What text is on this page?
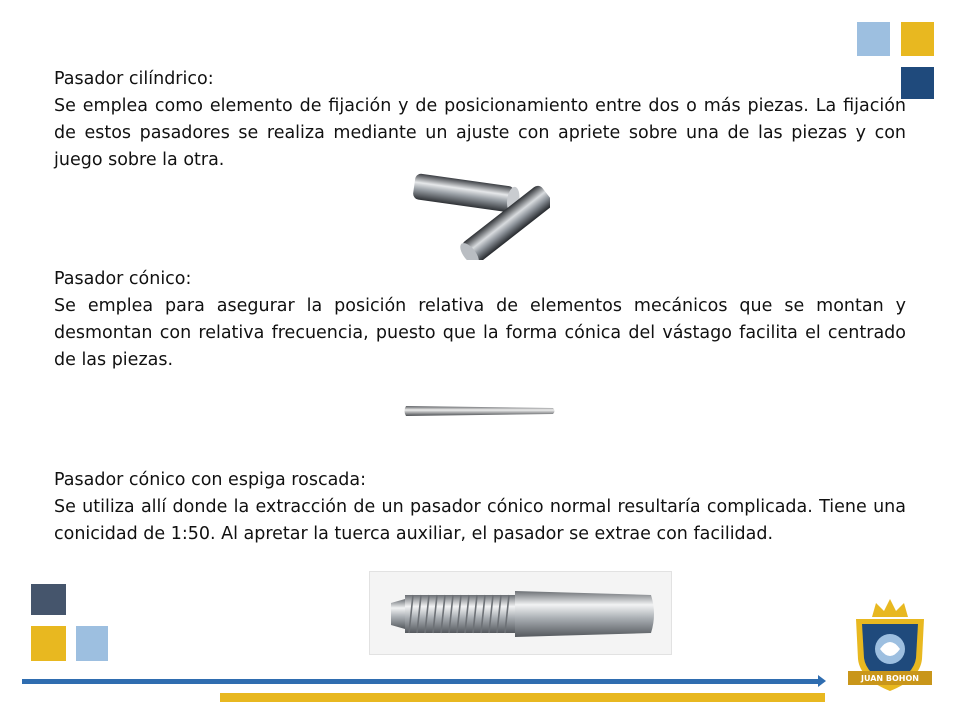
Pasador cilíndrico:

Se emplea como elemento de fijación y de posicionamiento entre dos o más piezas. La fijación de estos pasadores se realiza mediante un ajuste con apriete sobre una de las piezas y con juego sobre la otra.

Pasador cónico:

Se emplea para asegurar la posición relativa de elementos mecánicos que se montan y desmontan con relativa frecuencia, puesto que la forma cónica del vástago facilita el centrado de las piezas.

Pasador cónico con espiga roscada:

Se utiliza allí donde la extracción de un pasador cónico normal resultaría complicada. Tiene una conicidad de 1:50. Al apretar la tuerca auxiliar, el pasador se extrae con facilidad.

JUAN BOHON
